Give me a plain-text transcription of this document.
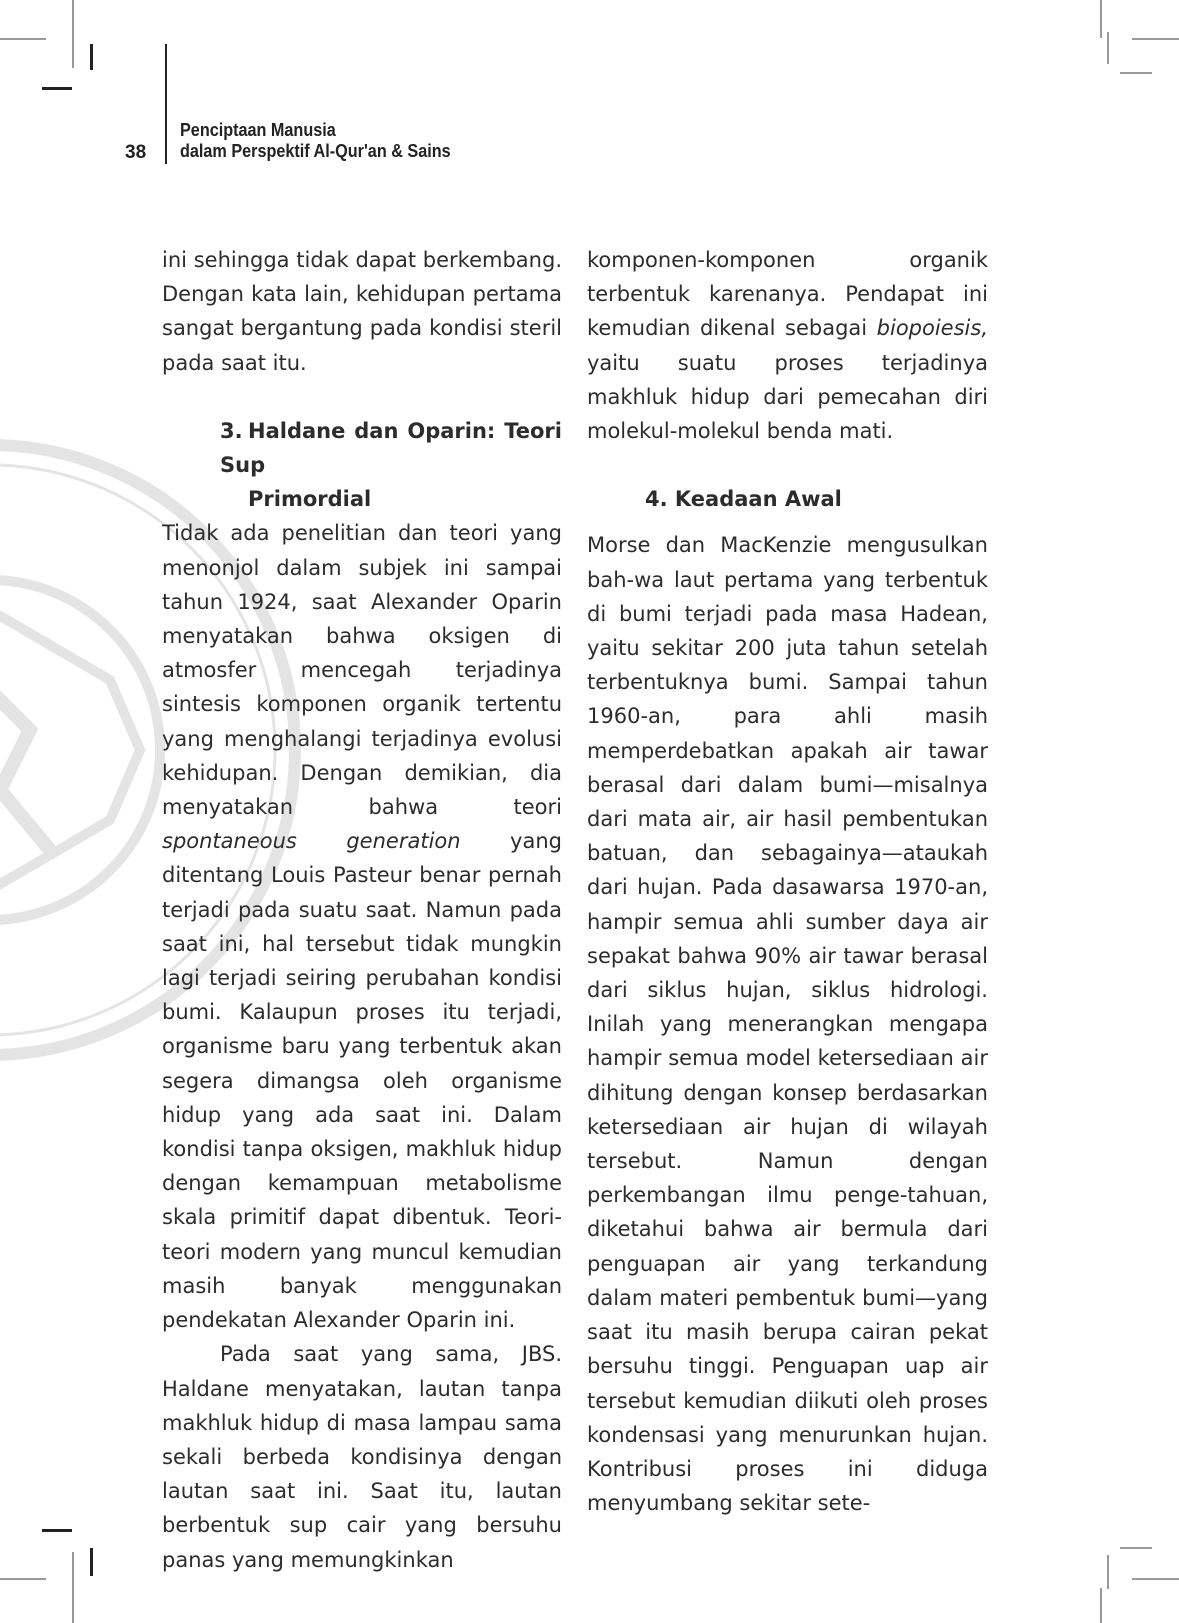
38
Penciptaan Manusia
dalam Perspektif Al-Qur'an & Sains

ini sehingga tidak dapat berkembang. Dengan kata lain, kehidupan pertama sangat bergantung pada kondisi steril pada saat itu.

3. Haldane dan Oparin: Teori Sup
Primordial

Tidak ada penelitian dan teori yang menonjol dalam subjek ini sampai tahun 1924, saat Alexander Oparin menyatakan bahwa oksigen di atmosfer mencegah terjadinya sintesis komponen organik tertentu yang menghalangi terjadinya evolusi kehidupan. Dengan demikian, dia menyatakan bahwa teori spontaneous generation yang ditentang Louis Pasteur benar pernah terjadi pada suatu saat. Namun pada saat ini, hal tersebut tidak mungkin lagi terjadi seiring perubahan kondisi bumi. Kalaupun proses itu terjadi, organisme baru yang terbentuk akan segera dimangsa oleh organisme hidup yang ada saat ini. Dalam kondisi tanpa oksigen, makhluk hidup dengan kemampuan metabolisme skala primitif dapat dibentuk. Teori-teori modern yang muncul kemudian masih banyak menggunakan pendekatan Alexander Oparin ini.

Pada saat yang sama, JBS. Haldane menyatakan, lautan tanpa makhluk hidup di masa lampau sama sekali berbeda kondisinya dengan lautan saat ini. Saat itu, lautan berbentuk sup cair yang bersuhu panas yang memungkinkan

komponen-komponen organik terbentuk karenanya. Pendapat ini kemudian dikenal sebagai biopoiesis, yaitu suatu proses terjadinya makhluk hidup dari pemecahan diri molekul-molekul benda mati.

4. Keadaan Awal

Morse dan MacKenzie mengusulkan bah-wa laut pertama yang terbentuk di bumi terjadi pada masa Hadean, yaitu sekitar 200 juta tahun setelah terbentuknya bumi. Sampai tahun 1960-an, para ahli masih memperdebatkan apakah air tawar berasal dari dalam bumi—misalnya dari mata air, air hasil pembentukan batuan, dan sebagainya—ataukah dari hujan. Pada dasawarsa 1970-an, hampir semua ahli sumber daya air sepakat bahwa 90% air tawar berasal dari siklus hujan, siklus hidrologi. Inilah yang menerangkan mengapa hampir semua model ketersediaan air dihitung dengan konsep berdasarkan ketersediaan air hujan di wilayah tersebut. Namun dengan perkembangan ilmu penge-tahuan, diketahui bahwa air bermula dari penguapan air yang terkandung dalam materi pembentuk bumi—yang saat itu masih berupa cairan pekat bersuhu tinggi. Penguapan uap air tersebut kemudian diikuti oleh proses kondensasi yang menurunkan hujan. Kontribusi proses ini diduga menyumbang sekitar sete-
